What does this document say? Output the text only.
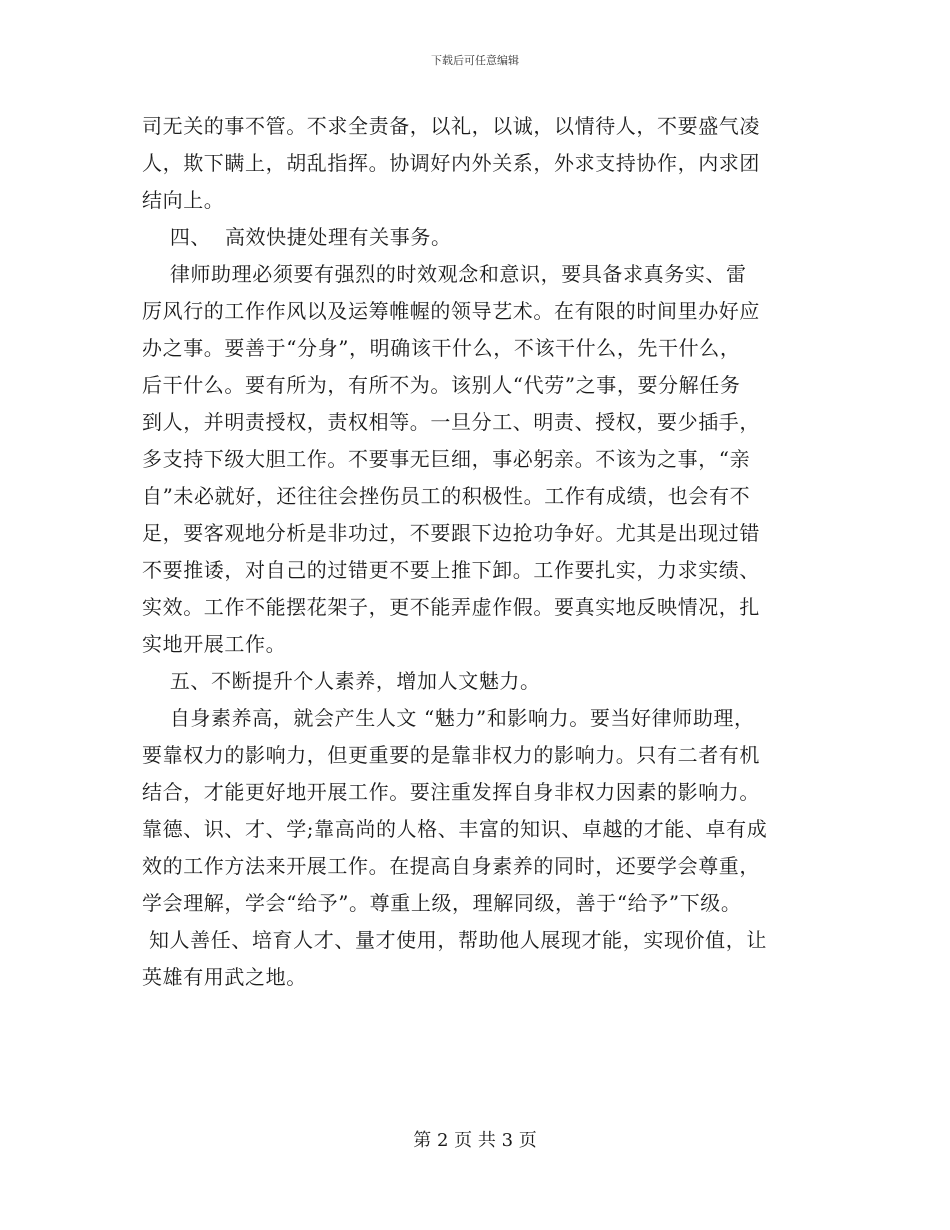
下载后可任意编辑
司无关的事不管。不求全责备，以礼，以诚，以情待人，不要盛气凌
人，欺下瞒上，胡乱指挥。协调好内外关系，外求支持协作，内求团
结向上。
四、  高效快捷处理有关事务。
律师助理必须要有强烈的时效观念和意识，要具备求真务实、雷
厉风行的工作作风以及运筹帷幄的领导艺术。在有限的时间里办好应
办之事。要善于“分身”，明确该干什么，不该干什么，先干什么，
后干什么。要有所为，有所不为。该别人“代劳”之事，要分解任务
到人，并明责授权，责权相等。一旦分工、明责、授权，要少插手，
多支持下级大胆工作。不要事无巨细，事必躬亲。不该为之事，“亲
自”未必就好，还往往会挫伤员工的积极性。工作有成绩，也会有不
足，要客观地分析是非功过，不要跟下边抢功争好。尤其是出现过错
不要推诿，对自己的过错更不要上推下卸。工作要扎实，力求实绩、
实效。工作不能摆花架子，更不能弄虚作假。要真实地反映情况，扎
实地开展工作。
五、不断提升个人素养，增加人文魅力。
自身素养高，就会产生人文 “魅力”和影响力。要当好律师助理，
要靠权力的影响力，但更重要的是靠非权力的影响力。只有二者有机
结合，才能更好地开展工作。要注重发挥自身非权力因素的影响力。
靠德、识、才、学;靠高尚的人格、丰富的知识、卓越的才能、卓有成
效的工作方法来开展工作。在提高自身素养的同时，还要学会尊重，
学会理解，学会“给予”。尊重上级，理解同级，善于“给予”下级。
知人善任、培育人才、量才使用，帮助他人展现才能，实现价值，让
英雄有用武之地。
第 2 页 共 3 页
